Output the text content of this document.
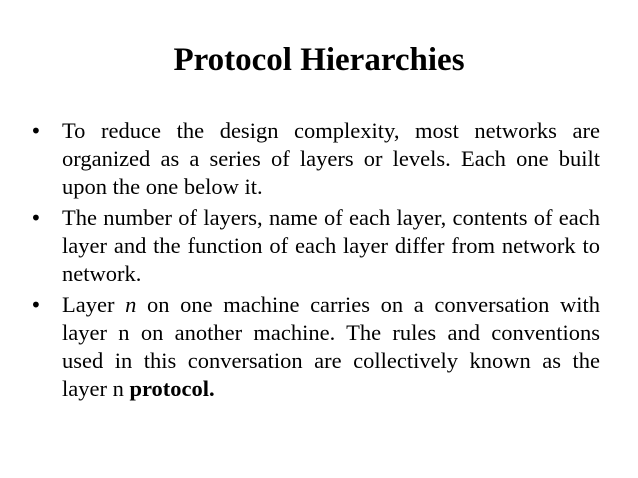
Protocol Hierarchies
• To reduce the design complexity, most networks are organized as a series of layers or levels. Each one built upon the one below it.
• The number of layers, name of each layer, contents of each layer and the function of each layer differ from network to network.
• Layer n on one machine carries on a conversation with layer n on another machine. The rules and conventions used in this conversation are collectively known as the layer n protocol.
